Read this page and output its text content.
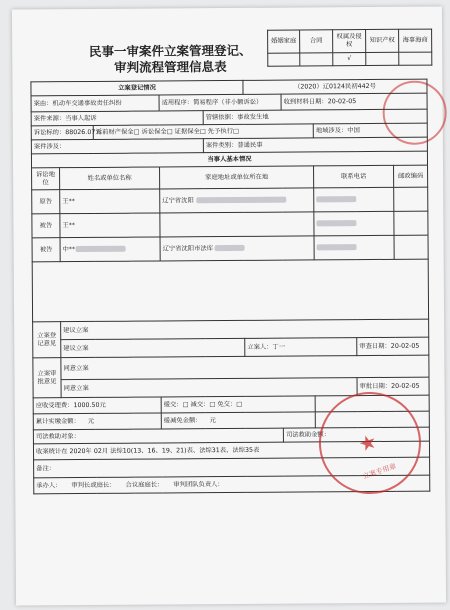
民事一审案件立案管理登记、
审判流程管理信息表
婚姻家庭	合同	权属及侵权	知识产权	海事海商
		√		
立案登记情况					（2020）辽0124民初442号				
案由：机动车交通事故责任纠纷			适用程序：简易程序（非小额诉讼）			收到材料日期：20-02-05			
案件来源：当事人起诉				管辖依据：事故发生地					
诉讼标的：88026.07元		诉前财产保全□ 诉讼保全□ 证据保全□ 先予执行□					地域涉及：中国		
案件涉及：				案件类别：普通民事					
当事人基本情况									
诉讼地位	姓名或单位名称		家庭地址或单位所在地				联系电话		邮政编码
原告	王**		辽宁省沈阳						
被告	王**								
被告	中**		辽宁省沈阳市法库						

立案登记意见	建议立案								
	建议立案				立案人：丁一			审查日期：20-02-05	
立案审批意见	同意立案								
	同意立案							审批日期：20-02-05	
应收受理费：1000.50元			缓交：□ 减交：□ 免交：□						
累计实缴金额： 元			缓减免金额： 元						
司法救助对象：						司法救助金额：			
收案统计在 2020年 02月 法综10(13、16、19、21)表、法综31表、法综35表									
备注：									
承办人： 审判长或庭长： 合议庭庭长： 审判团队负责人：									
★
立案专用章
